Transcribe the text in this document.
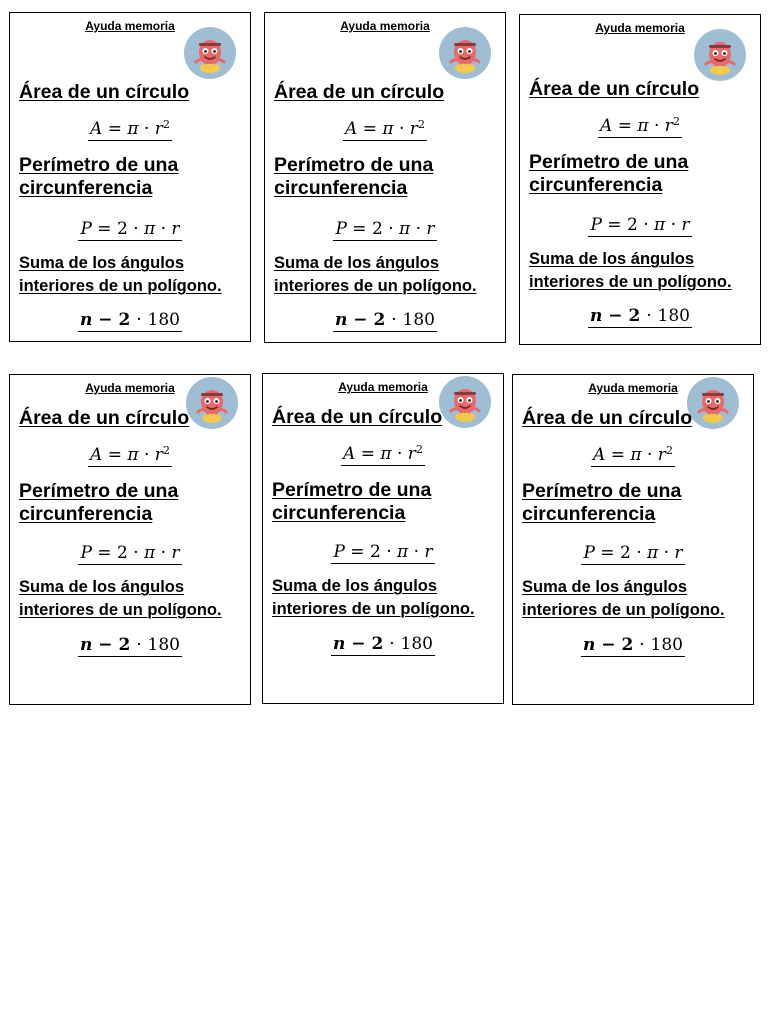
Ayuda memoria
Área de un círculo
$A = \pi \cdot r^2$
Perímetro de una circunferencia
P = 2 · π · r
Suma de los ángulos interiores de un polígono.
n − 2 · 180
Ayuda memoria
Área de un círculo
$A = \pi \cdot r^2$
Perímetro de una circunferencia
P = 2 · π · r
Suma de los ángulos interiores de un polígono.
n − 2 · 180
Ayuda memoria
Área de un círculo
$A = \pi \cdot r^2$
Perímetro de una circunferencia
P = 2 · π · r
Suma de los ángulos interiores de un polígono.
n − 2 · 180
Ayuda memoria
Área de un círculo
$A = \pi \cdot r^2$
Perímetro de una circunferencia
P = 2 · π · r
Suma de los ángulos interiores de un polígono.
n − 2 · 180
Ayuda memoria
Área de un círculo
$A = \pi \cdot r^2$
Perímetro de una circunferencia
P = 2 · π · r
Suma de los ángulos interiores de un polígono.
n − 2 · 180
Ayuda memoria
Área de un círculo
$A = \pi \cdot r^2$
Perímetro de una circunferencia
P = 2 · π · r
Suma de los ángulos interiores de un polígono.
n − 2 · 180
